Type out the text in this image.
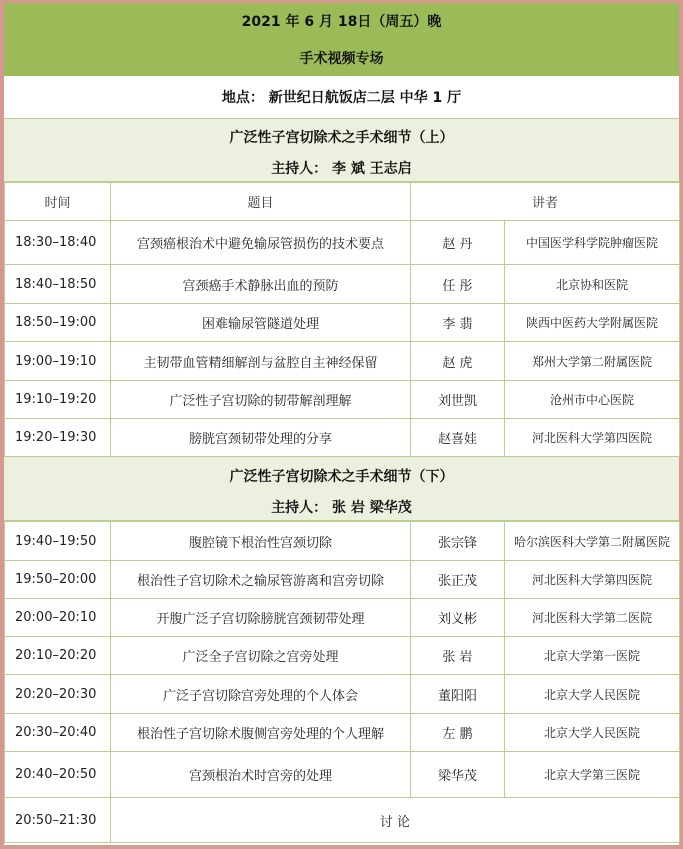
2021 年 6 月 18日（周五）晚
手术视频专场
地点： 新世纪日航饭店二层 中华 1 厅
广泛性子宫切除术之手术细节（上）
主持人： 李 斌 王志启
时间	题目	讲者	
18:30–18:40	宫颈癌根治术中避免输尿管损伤的技术要点	赵 丹	中国医学科学院肿瘤医院
18:40–18:50	宫颈癌手术静脉出血的预防	任 彤	北京协和医院
18:50–19:00	困难输尿管隧道处理	李 翡	陕西中医药大学附属医院
19:00–19:10	主韧带血管精细解剖与盆腔自主神经保留	赵 虎	郑州大学第二附属医院
19:10–19:20	广泛性子宫切除的韧带解剖理解	刘世凯	沧州市中心医院
19:20–19:30	膀胱宫颈韧带处理的分享	赵喜娃	河北医科大学第四医院
广泛性子宫切除术之手术细节（下）
主持人： 张 岩 梁华茂
19:40–19:50	腹腔镜下根治性宫颈切除	张宗锋	哈尔滨医科大学第二附属医院
19:50–20:00	根治性子宫切除术之输尿管游离和宫旁切除	张正茂	河北医科大学第四医院
20:00–20:10	开腹广泛子宫切除膀胱宫颈韧带处理	刘义彬	河北医科大学第二医院
20:10–20:20	广泛全子宫切除之宫旁处理	张 岩	北京大学第一医院
20:20–20:30	广泛子宫切除宫旁处理的个人体会	董阳阳	北京大学人民医院
20:30–20:40	根治性子宫切除术腹侧宫旁处理的个人理解	左 鹏	北京大学人民医院
20:40–20:50	宫颈根治术时宫旁的处理	梁华茂	北京大学第三医院
20:50–21:30	讨 论		
